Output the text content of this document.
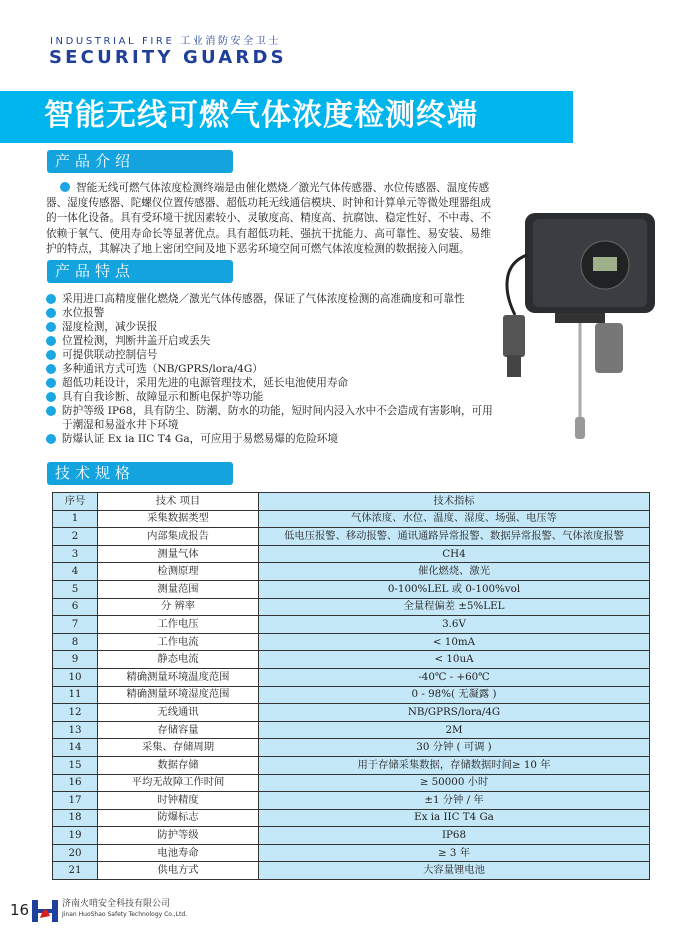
INDUSTRIAL FIRE 工业消防安全卫士
SECURITY GUARDS
智能无线可燃气体浓度检测终端
产品介绍
智能无线可燃气体浓度检测终端是由催化燃烧／激光气体传感器、水位传感器、温度传感器、湿度传感器、陀螺仪位置传感器、超低功耗无线通信模块、时钟和计算单元等微处理器组成的一体化设备。具有受环境干扰因素较小、灵敏度高、精度高、抗腐蚀、稳定性好、不中毒、不依赖于氧气、使用寿命长等显著优点。具有超低功耗、强抗干扰能力、高可靠性、易安装、易维护的特点，其解决了地上密闭空间及地下恶劣环境空间可燃气体浓度检测的数据接入问题。
产品特点
采用进口高精度催化燃烧／激光气体传感器，保证了气体浓度检测的高准确度和可靠性
水位报警
湿度检测，减少误报
位置检测，判断井盖开启或丢失
可提供联动控制信号
多种通讯方式可选（NB/GPRS/lora/4G）
超低功耗设计，采用先进的电源管理技术，延长电池使用寿命
具有自我诊断、故障显示和断电保护等功能
防护等级 IP68，具有防尘、防潮、防水的功能，短时间内浸入水中不会造成有害影响，可用于潮湿和易溢水井下环境
防爆认证 Ex ia IIC T4 Ga，可应用于易燃易爆的危险环境
技术规格
序号	技术 项目	技术指标
1	采集数据类型	气体浓度、水位、温度、湿度、场强、电压等
2	内部集成报告	低电压报警、移动报警、通讯通路异常报警、数据异常报警、气体浓度报警
3	测量气体	CH4
4	检测原理	催化燃烧、激光
5	测量范围	0-100%LEL 或 0-100%vol
6	分 辨率	全量程偏差 ±5%LEL
7	工作电压	3.6V
8	工作电流	< 10mA
9	静态电流	< 10uA
10	精确测量环境温度范围	-40℃ - +60℃
11	精确测量环境湿度范围	0 - 98%( 无凝露 )
12	无线通讯	NB/GPRS/lora/4G
13	存储容量	2M
14	采集、存储周期	30 分钟 ( 可调 )
15	数据存储	用于存储采集数据，存储数据时间≥ 10 年
16	平均无故障工作时间	≥ 50000 小时
17	时钟精度	±1 分钟 / 年
18	防爆标志	Ex ia IIC T4 Ga
19	防护等级	IP68
20	电池寿命	≥ 3 年
21	供电方式	大容量锂电池
16	济南火哨安全科技有限公司
Jinan HuoShao Safety Technology Co.,Ltd.
